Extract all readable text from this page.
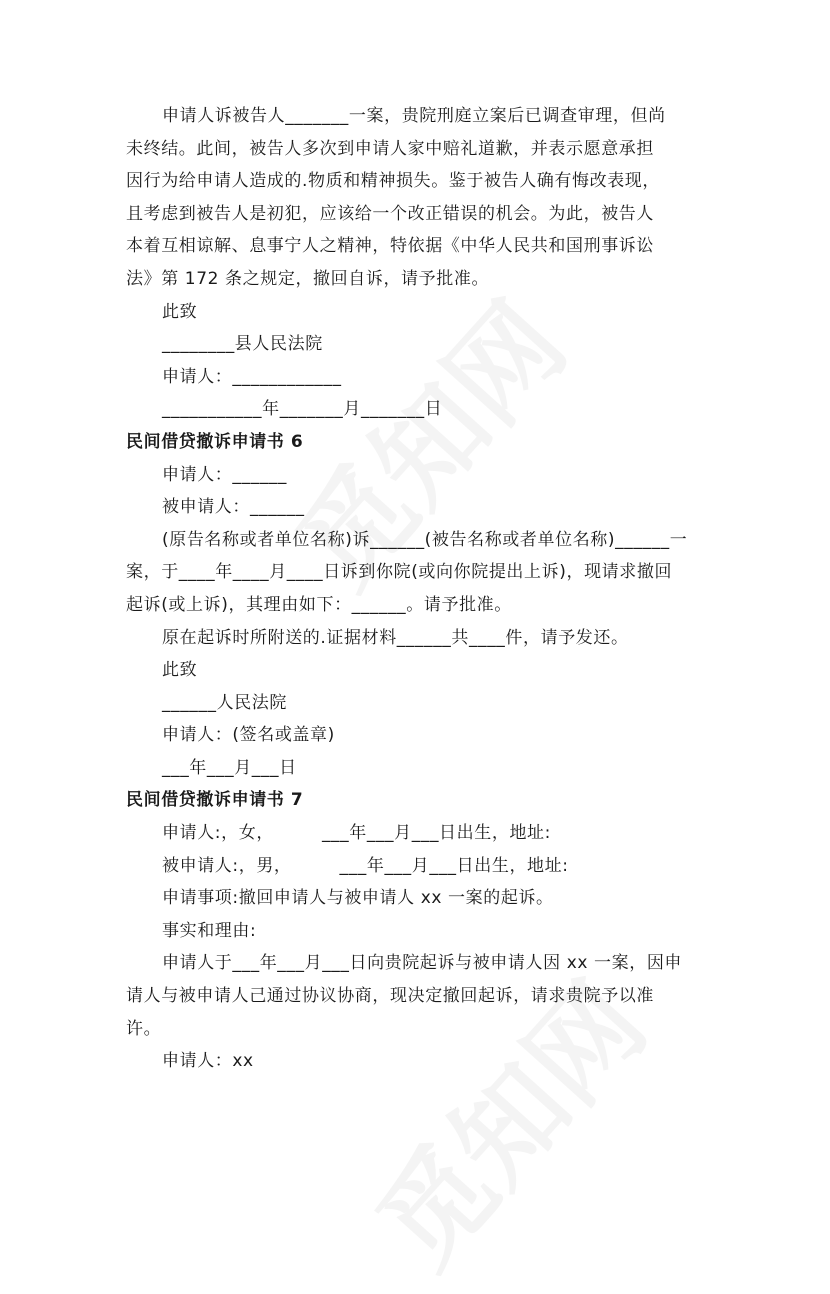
申请人诉被告人_______一案，贵院刑庭立案后已调查审理，但尚
未终结。此间，被告人多次到申请人家中赔礼道歉，并表示愿意承担
因行为给申请人造成的.物质和精神损失。鉴于被告人确有悔改表现，
且考虑到被告人是初犯，应该给一个改正错误的机会。为此，被告人
本着互相谅解、息事宁人之精神，特依据《中华人民共和国刑事诉讼
法》第 172 条之规定，撤回自诉，请予批准。
此致
________县人民法院
申请人：____________
___________年_______月_______日
民间借贷撤诉申请书 6
申请人：______
被申请人：______
(原告名称或者单位名称)诉______(被告名称或者单位名称)______一
案，于____年____月____日诉到你院(或向你院提出上诉)，现请求撤回
起诉(或上诉)，其理由如下：______。请予批准。
原在起诉时所附送的.证据材料______共____件，请予发还。
此致
______人民法院
申请人：(签名或盖章)
___年___月___日
民间借贷撤诉申请书 7
申请人:，女，        ___年___月___日出生，地址:
被申请人:，男，        ___年___月___日出生，地址:
申请事项:撤回申请人与被申请人 xx 一案的起诉。
事实和理由:
申请人于___年___月___日向贵院起诉与被申请人因 xx 一案，因申
请人与被申请人己通过协议协商，现决定撤回起诉，请求贵院予以准
许。
申请人：xx
